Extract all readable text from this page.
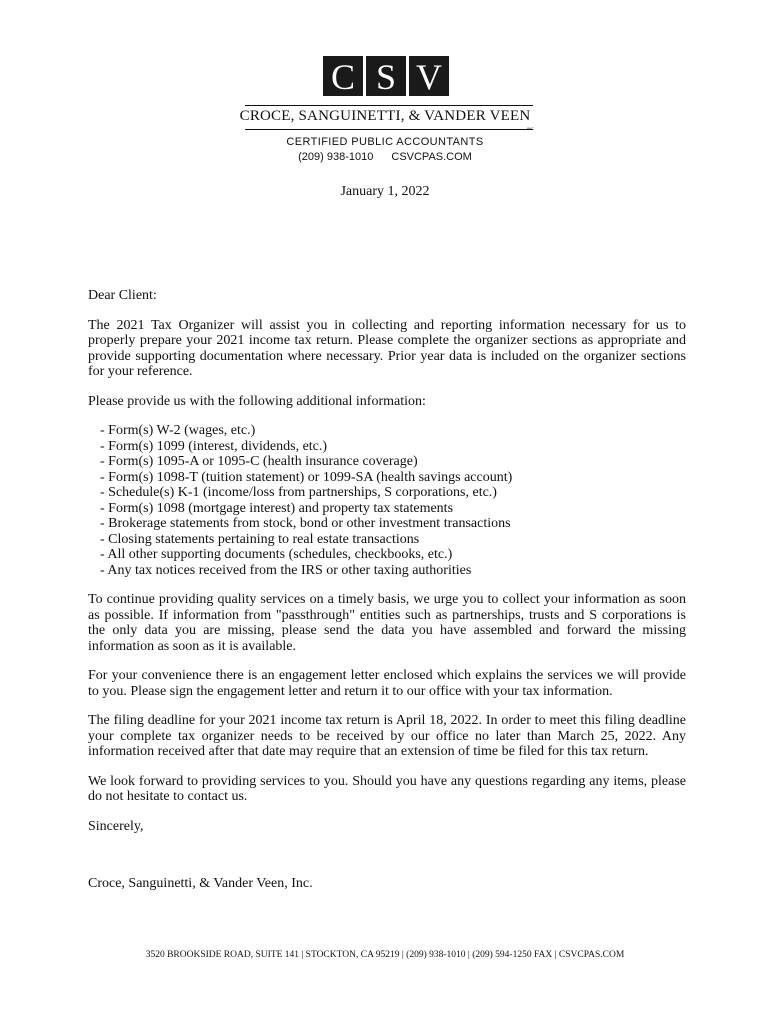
C S V
CROCE, SANGUINETTI, & VANDER VEEN
INC
CERTIFIED PUBLIC ACCOUNTANTS
(209) 938-1010 CSVCPAS.COM
January 1, 2022

Dear Client:

The 2021 Tax Organizer will assist you in collecting and reporting information necessary for us to properly prepare your 2021 income tax return. Please complete the organizer sections as appropriate and provide supporting documentation where necessary. Prior year data is included on the organizer sections for your reference.

Please provide us with the following additional information:

- Form(s) W-2 (wages, etc.)
- Form(s) 1099 (interest, dividends, etc.)
- Form(s) 1095-A or 1095-C (health insurance coverage)
- Form(s) 1098-T (tuition statement) or 1099-SA (health savings account)
- Schedule(s) K-1 (income/loss from partnerships, S corporations, etc.)
- Form(s) 1098 (mortgage interest) and property tax statements
- Brokerage statements from stock, bond or other investment transactions
- Closing statements pertaining to real estate transactions
- All other supporting documents (schedules, checkbooks, etc.)
- Any tax notices received from the IRS or other taxing authorities

To continue providing quality services on a timely basis, we urge you to collect your information as soon as possible. If information from "passthrough" entities such as partnerships, trusts and S corporations is the only data you are missing, please send the data you have assembled and forward the missing information as soon as it is available.

For your convenience there is an engagement letter enclosed which explains the services we will provide to you. Please sign the engagement letter and return it to our office with your tax information.

The filing deadline for your 2021 income tax return is April 18, 2022. In order to meet this filing deadline your complete tax organizer needs to be received by our office no later than March 25, 2022. Any information received after that date may require that an extension of time be filed for this tax return.

We look forward to providing services to you. Should you have any questions regarding any items, please do not hesitate to contact us.

Sincerely,

Croce, Sanguinetti, & Vander Veen, Inc.

3520 BROOKSIDE ROAD, SUITE 141 | STOCKTON, CA 95219 | (209) 938-1010 | (209) 594-1250 FAX | CSVCPAS.COM
